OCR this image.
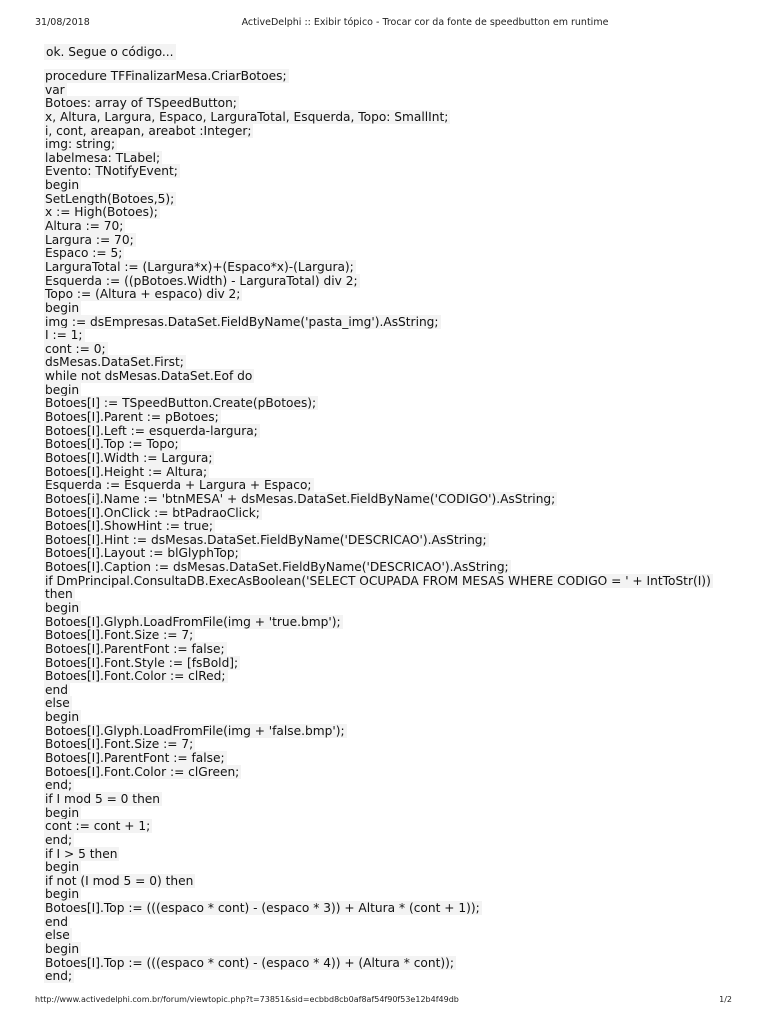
31/08/2018	ActiveDelphi :: Exibir tópico - Trocar cor da fonte de speedbutton em runtime
ok. Segue o código...
procedure TFFinalizarMesa.CriarBotoes;
var
Botoes: array of TSpeedButton;
x, Altura, Largura, Espaco, LarguraTotal, Esquerda, Topo: SmallInt;
i, cont, areapan, areabot :Integer;
img: string;
labelmesa: TLabel;
Evento: TNotifyEvent;
begin
SetLength(Botoes,5);
x := High(Botoes);
Altura := 70;
Largura := 70;
Espaco := 5;
LarguraTotal := (Largura*x)+(Espaco*x)-(Largura);
Esquerda := ((pBotoes.Width) - LarguraTotal) div 2;
Topo := (Altura + espaco) div 2;
begin
img := dsEmpresas.DataSet.FieldByName('pasta_img').AsString;
I := 1;
cont := 0;
dsMesas.DataSet.First;
while not dsMesas.DataSet.Eof do
begin
Botoes[I] := TSpeedButton.Create(pBotoes);
Botoes[I].Parent := pBotoes;
Botoes[I].Left := esquerda-largura;
Botoes[I].Top := Topo;
Botoes[I].Width := Largura;
Botoes[I].Height := Altura;
Esquerda := Esquerda + Largura + Espaco;
Botoes[i].Name := 'btnMESA' + dsMesas.DataSet.FieldByName('CODIGO').AsString;
Botoes[I].OnClick := btPadraoClick;
Botoes[I].ShowHint := true;
Botoes[I].Hint := dsMesas.DataSet.FieldByName('DESCRICAO').AsString;
Botoes[I].Layout := blGlyphTop;
Botoes[I].Caption := dsMesas.DataSet.FieldByName('DESCRICAO').AsString;
if DmPrincipal.ConsultaDB.ExecAsBoolean('SELECT OCUPADA FROM MESAS WHERE CODIGO = ' + IntToStr(I))
then
begin
Botoes[I].Glyph.LoadFromFile(img + 'true.bmp');
Botoes[I].Font.Size := 7;
Botoes[I].ParentFont := false;
Botoes[I].Font.Style := [fsBold];
Botoes[I].Font.Color := clRed;
end
else
begin
Botoes[I].Glyph.LoadFromFile(img + 'false.bmp');
Botoes[I].Font.Size := 7;
Botoes[I].ParentFont := false;
Botoes[I].Font.Color := clGreen;
end;
if I mod 5 = 0 then
begin
cont := cont + 1;
end;
if I > 5 then
begin
if not (I mod 5 = 0) then
begin
Botoes[I].Top := (((espaco * cont) - (espaco * 3)) + Altura * (cont + 1));
end
else
begin
Botoes[I].Top := (((espaco * cont) - (espaco * 4)) + (Altura * cont));
end;
http://www.activedelphi.com.br/forum/viewtopic.php?t=73851&sid=ecbbd8cb0af8af54f90f53e12b4f49db	1/2
